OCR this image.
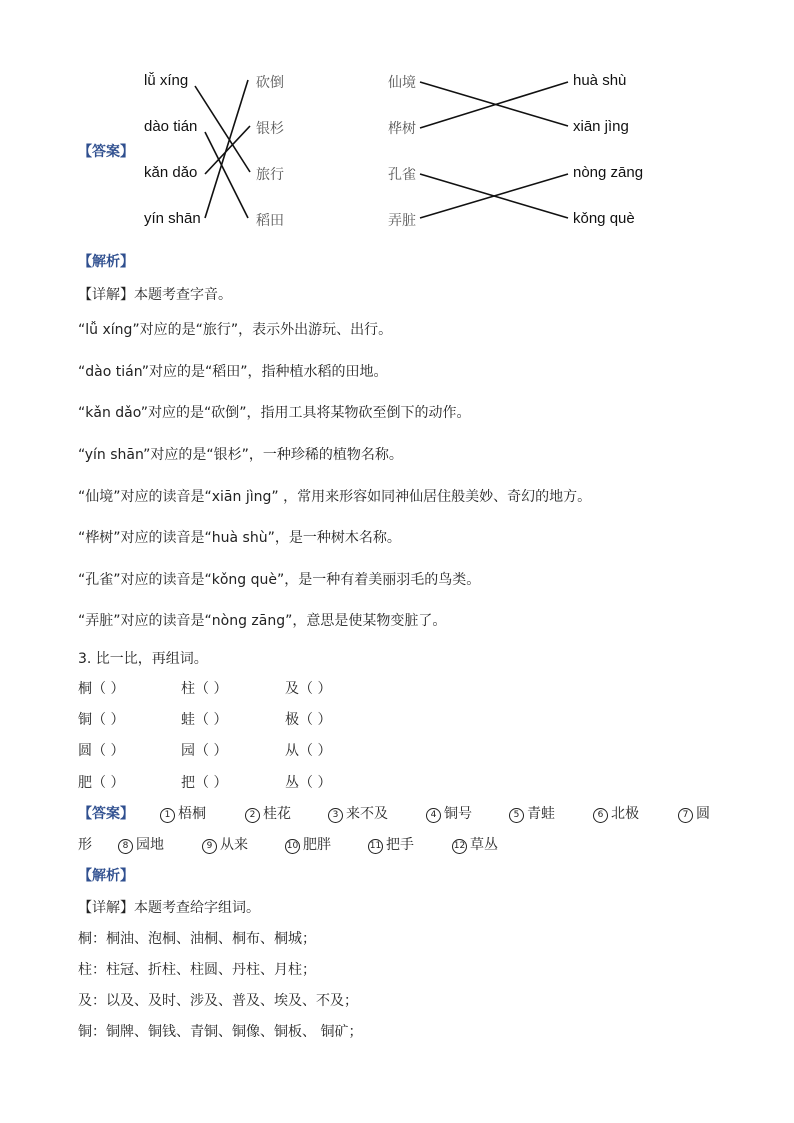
lǚ xíng
dào tián
kǎn dǎo
yín shān
砍倒
银杉
旅行
稻田
仙境
桦树
孔雀
弄脏
huà shù
xiān jìng
nòng zāng
kǒng què
【答案】
【解析】
【详解】本题考查字音。
“lǚ xíng”对应的是“旅行”，表示外出游玩、出行。
“dào tián”对应的是“稻田”，指种植水稻的田地。
“kǎn dǎo”对应的是“砍倒”，指用工具将某物砍至倒下的动作。
“yín shān”对应的是“银杉”，一种珍稀的植物名称。
“仙境”对应的读音是“xiān jìng” ，常用来形容如同神仙居住般美妙、奇幻的地方。
“桦树”对应的读音是“huà shù”，是一种树木名称。
“孔雀”对应的读音是“kǒng què”，是一种有着美丽羽毛的鸟类。
“弄脏”对应的读音是“nòng zāng”，意思是使某物变脏了。
3. 比一比，再组词。
桐（ ）	柱（ ）	及（ ）
铜（ ）	蛙（ ）	极（ ）
圆（ ）	园（ ）	从（ ）
肥（ ）	把（ ）	丛（ ）
【答案】	1 梧桐	2 桂花	3 来不及	4 铜号	5 青蛙	6 北极	7 圆
形	8 园地	9 从来	10 肥胖	11 把手	12 草丛
【解析】
【详解】本题考查给字组词。
桐：桐油、泡桐、油桐、桐布、桐城；
柱：柱冠、折柱、柱圆、丹柱、月柱；
及：以及、及时、涉及、普及、埃及、不及；
铜：铜牌、铜钱、青铜、铜像、铜板、 铜矿；
